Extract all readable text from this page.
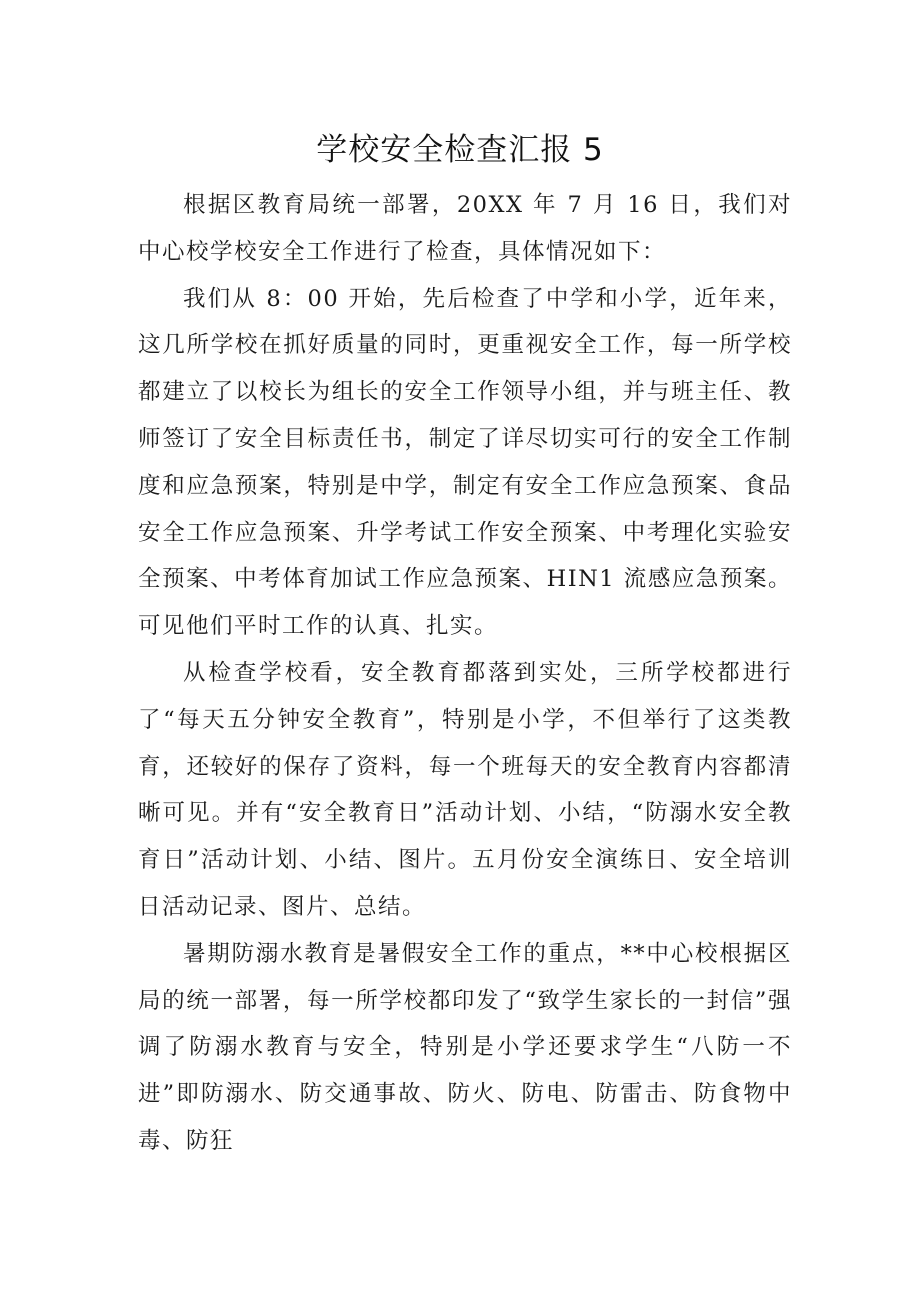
学校安全检查汇报 5

根据区教育局统一部署，20XX 年 7 月 16 日，我们对中心校学校安全工作进行了检查，具体情况如下：

我们从 8：00 开始，先后检查了中学和小学，近年来，这几所学校在抓好质量的同时，更重视安全工作，每一所学校都建立了以校长为组长的安全工作领导小组，并与班主任、教师签订了安全目标责任书，制定了详尽切实可行的安全工作制度和应急预案，特别是中学，制定有安全工作应急预案、食品安全工作应急预案、升学考试工作安全预案、中考理化实验安全预案、中考体育加试工作应急预案、HIN1 流感应急预案。可见他们平时工作的认真、扎实。

从检查学校看，安全教育都落到实处，三所学校都进行了“每天五分钟安全教育”，特别是小学，不但举行了这类教育，还较好的保存了资料，每一个班每天的安全教育内容都清晰可见。并有“安全教育日”活动计划、小结，“防溺水安全教育日”活动计划、小结、图片。五月份安全演练日、安全培训日活动记录、图片、总结。

暑期防溺水教育是暑假安全工作的重点，**中心校根据区局的统一部署，每一所学校都印发了“致学生家长的一封信”强调了防溺水教育与安全，特别是小学还要求学生“八防一不进”即防溺水、防交通事故、防火、防电、防雷击、防食物中毒、防狂
